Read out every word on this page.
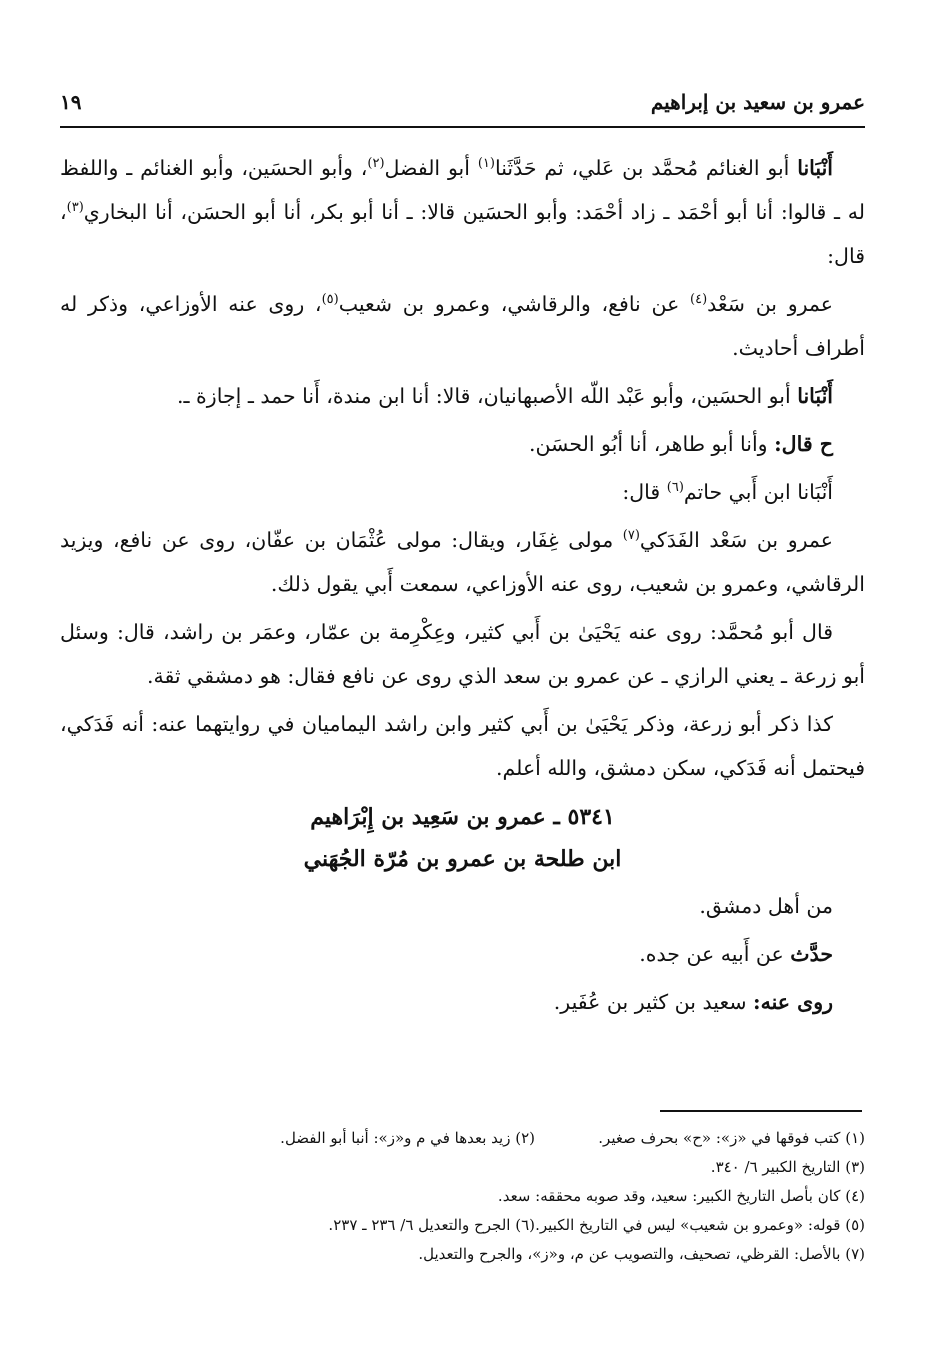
عمرو بن سعيد بن إبراهيم
١٩

أَنْبَانا أبو الغنائم مُحمَّد بن عَلي، ثم حَدَّثَنا$^{(١)}$ أبو الفضل$^{(٢)}$، وأبو الحسَين، وأبو الغنائم ـ واللفظ له ـ قالوا: أنا أبو أحْمَد ـ زاد أحْمَد: وأبو الحسَين قالا: ـ أنا أبو بكر، أنا أبو الحسَن، أنا البخاري$^{(٣)}$، قال:

عمرو بن سَعْد$^{(٤)}$ عن نافع، والرقاشي، وعمرو بن شعيب$^{(٥)}$، روى عنه الأوزاعي، وذكر له أطراف أحاديث.

أَنْبَانا أبو الحسَين، وأبو عَبْد اللّه الأصبهانيان، قالا: أنا ابن مندة، أَنا حمد ـ إجازة ـ.

ح قال: وأنا أبو طاهر، أنا أبُو الحسَن.

أَنْبَانا ابن أَبي حاتم$^{(٦)}$ قال:

عمرو بن سَعْد الفَدَكي$^{(٧)}$ مولى غِفَار، ويقال: مولى عُثْمَان بن عفّان، روى عن نافع، ويزيد الرقاشي، وعمرو بن شعيب، روى عنه الأوزاعي، سمعت أَبي يقول ذلك.

قال أبو مُحمَّد: روى عنه يَحْيَىٰ بن أَبي كثير، وعِكْرِمة بن عمّار، وعمَر بن راشد، قال: وسئل أبو زرعة ـ يعني الرازي ـ عن عمرو بن سعد الذي روى عن نافع فقال: هو دمشقي ثقة.

كذا ذكر أبو زرعة، وذكر يَحْيَىٰ بن أَبي كثير وابن راشد اليماميان في روايتهما عنه: أنه فَدَكي، فيحتمل أنه فَدَكي، سكن دمشق، والله أعلم.

٥٣٤١ ـ عمرو بن سَعِيد بن إِبْرَاهيم
ابن طلحة بن عمرو بن مُرّة الجُهَني

من أهل دمشق.

حدَّث عن أَبيه عن جده.

روى عنه: سعيد بن كثير بن عُفَير.

(١) كتب فوقها في «ز»: «ح» بحرف صغير.
(٢) زيد بعدها في م و«ز»: أنبا أبو الفضل.
(٣) التاريخ الكبير ٦/ ٣٤٠.
(٤) كان بأصل التاريخ الكبير: سعيد، وقد صوبه محققه: سعد.
(٥) قوله: «وعمرو بن شعيب» ليس في التاريخ الكبير.
(٦) الجرح والتعديل ٦/ ٢٣٦ ـ ٢٣٧.
(٧) بالأصل: القرظي، تصحيف، والتصويب عن م، و«ز»، والجرح والتعديل.
